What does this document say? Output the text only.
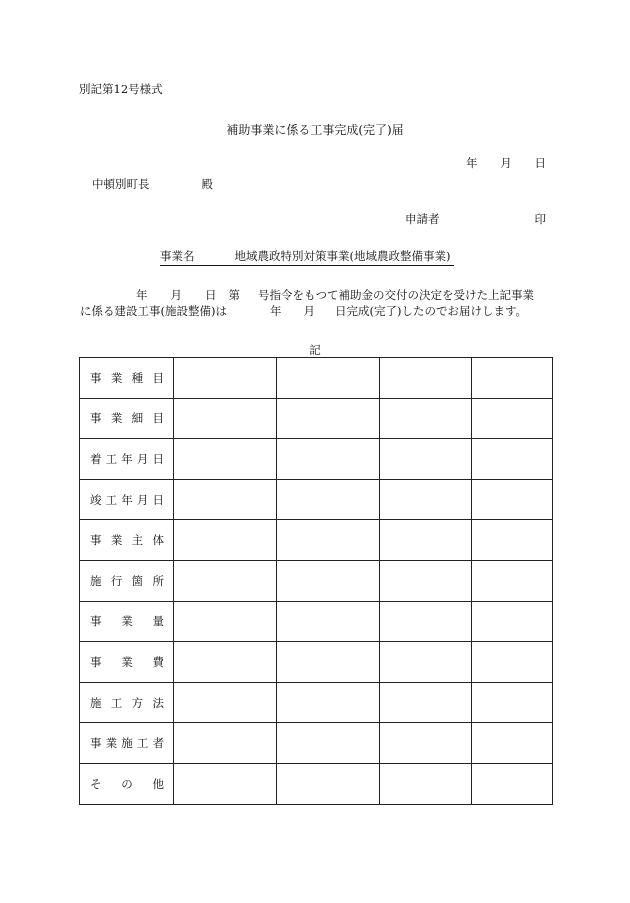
別記第12号様式
補助事業に係る工事完成(完了)届
年 月 日
中頓別町長	殿
申請者	印
事業名	地域農政特別対策事業(地域農政整備事業)
年 月 日 第 号指令をもつて補助金の交付の決定を受けた上記事業
に係る建設工事(施設整備)は	年 月 日完成(完了)したのでお届けします。
記
事 業 種 目				

事 業 細 目				

着 工 年 月 日				

竣 工 年 月 日				

事 業 主 体				

施 行 箇 所				

事 業 量				

事 業 費				

施 工 方 法				

事 業 施 工 者				

そ の 他				
